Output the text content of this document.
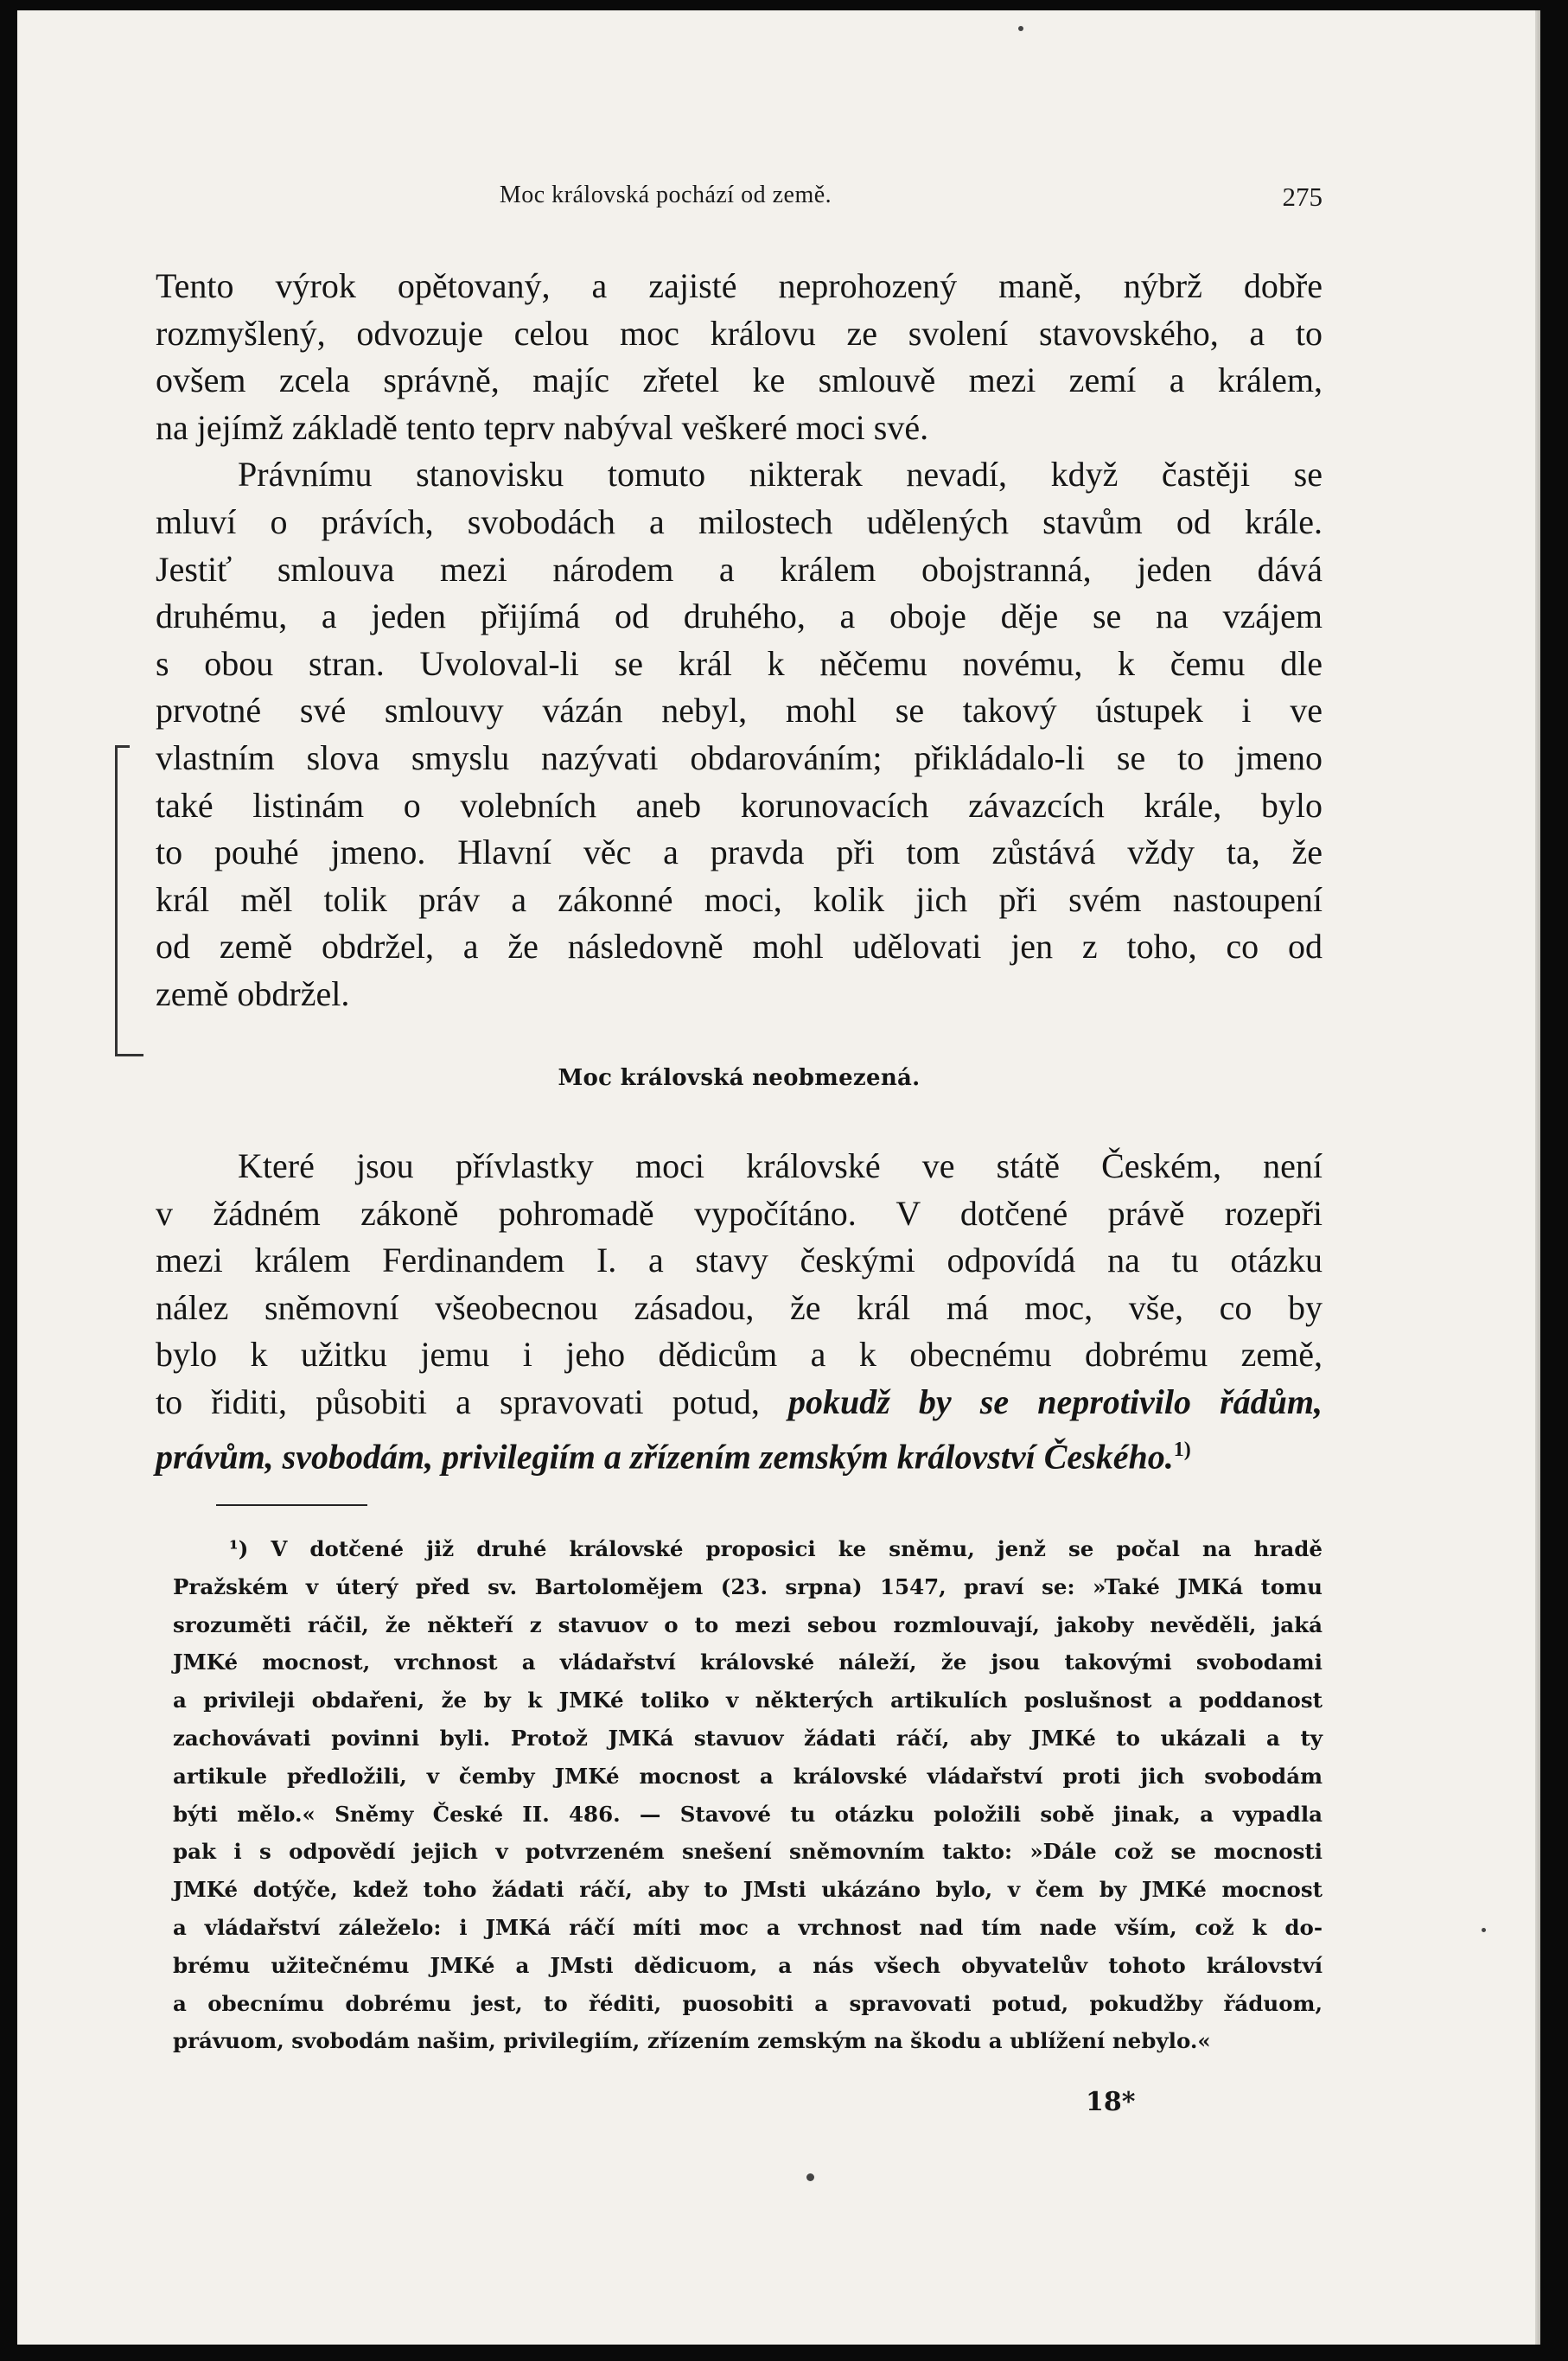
Moc královská pochází od země.	275
Tento výrok opětovaný, a zajisté neprohozený maně, nýbrž dobře
rozmyšlený, odvozuje celou moc královu ze svolení stavovského, a to
ovšem zcela správně, majíc zřetel ke smlouvě mezi zemí a králem,
na jejímž základě tento teprv nabýval veškeré moci své.
Právnímu stanovisku tomuto nikterak nevadí, když častěji se
mluví o právích, svobodách a milostech udělených stavům od krále.
Jestiť smlouva mezi národem a králem obojstranná, jeden dává
druhému, a jeden přijímá od druhého, a oboje děje se na vzájem
s obou stran. Uvoloval-li se král k něčemu novému, k čemu dle
prvotné své smlouvy vázán nebyl, mohl se takový ústupek i ve
vlastním slova smyslu nazývati obdarováním; přikládalo-li se to jmeno
také listinám o volebních aneb korunovacích závazcích krále, bylo
to pouhé jmeno. Hlavní věc a pravda při tom zůstává vždy ta, že
král měl tolik práv a zákonné moci, kolik jich při svém nastoupení
od země obdržel, a že následovně mohl udělovati jen z toho, co od
země obdržel.
Moc královská neobmezená.
Které jsou přívlastky moci královské ve státě Českém, není
v žádném zákoně pohromadě vypočítáno. V dotčené právě rozepři
mezi králem Ferdinandem I. a stavy českými odpovídá na tu otázku
nález sněmovní všeobecnou zásadou, že král má moc, vše, co by
bylo k užitku jemu i jeho dědicům a k obecnému dobrému země,
to řiditi, působiti a spravovati potud, pokudž by se neprotivilo řádům,
právům, svobodám, privilegiím a zřízením zemským království Českého.$^{1)}$
¹) V dotčené již druhé královské proposici ke sněmu, jenž se počal na hradě
Pražském v úterý před sv. Bartolomějem (23. srpna) 1547, praví se: »Také JMKá tomu
srozuměti ráčil, že někteří z stavuov o to mezi sebou rozmlouvají, jakoby nevěděli, jaká
JMKé mocnost, vrchnost a vládařství královské náleží, že jsou takovými svobodami
a privileji obdařeni, že by k JMKé toliko v některých artikulích poslušnost a poddanost
zachovávati povinni byli. Protož JMKá stavuov žádati ráčí, aby JMKé to ukázali a ty
artikule předložili, v čemby JMKé mocnost a královské vládařství proti jich svobodám
býti mělo.« Sněmy České II. 486. — Stavové tu otázku položili sobě jinak, a vypadla
pak i s odpovědí jejich v potvrzeném snešení sněmovním takto: »Dále což se mocnosti
JMKé dotýče, kdež toho žádati ráčí, aby to JMsti ukázáno bylo, v čem by JMKé mocnost
a vládařství záleželo: i JMKá ráčí míti moc a vrchnost nad tím nade vším, což k do-
brému užitečnému JMKé a JMsti dědicuom, a nás všech obyvatelův tohoto království
a obecnímu dobrému jest, to řéditi, puosobiti a spravovati potud, pokudžby řáduom,
právuom, svobodám našim, privilegiím, zřízením zemským na škodu a ublížení nebylo.«
18*
